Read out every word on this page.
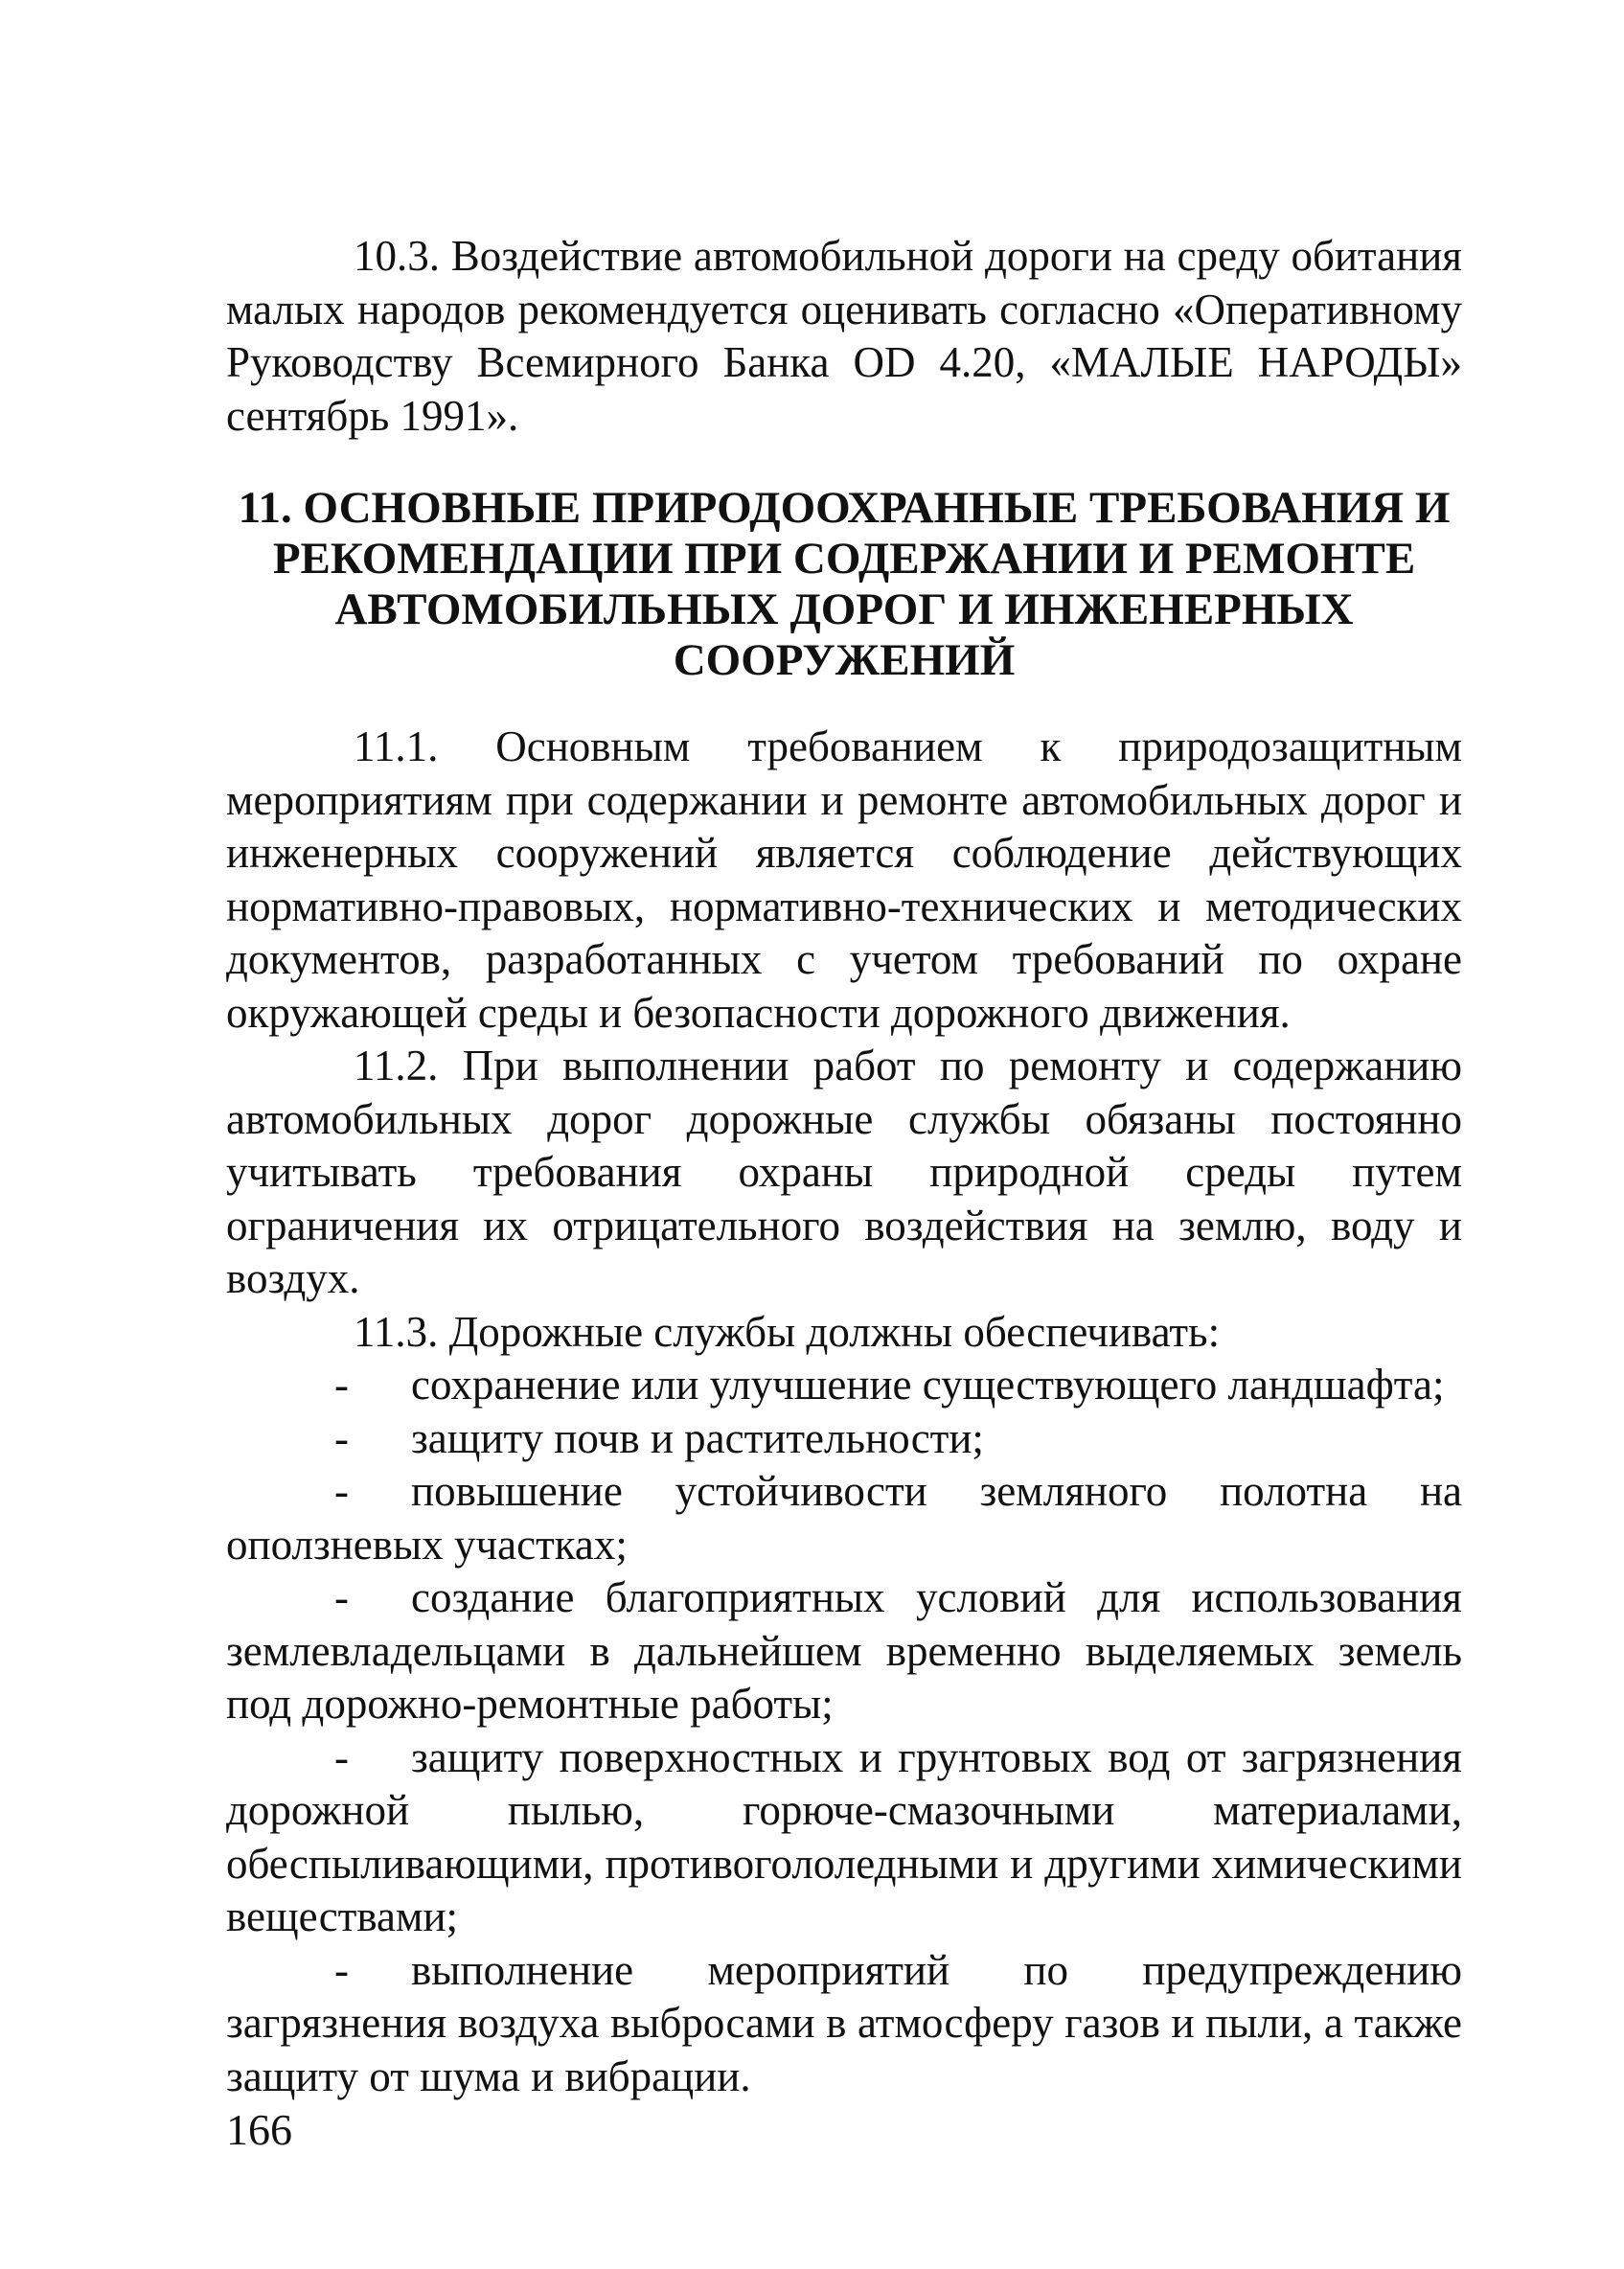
10.3. Воздействие автомобильной дороги на среду обитания малых народов рекомендуется оценивать согласно «Оперативному Руководству Всемирного Банка OD 4.20, «МАЛЫЕ НАРОДЫ» сентябрь 1991».

11. ОСНОВНЫЕ ПРИРОДООХРАННЫЕ ТРЕБОВАНИЯ И
РЕКОМЕНДАЦИИ ПРИ СОДЕРЖАНИИ И РЕМОНТЕ
АВТОМОБИЛЬНЫХ ДОРОГ И ИНЖЕНЕРНЫХ
СООРУЖЕНИЙ

11.1. Основным требованием к природозащитным мероприятиям при содержании и ремонте автомобильных дорог и инженерных сооружений является соблюдение действующих нормативно-правовых, нормативно-технических и методических документов, разработанных с учетом требований по охране окружающей среды и безопасности дорожного движения.

11.2. При выполнении работ по ремонту и содержанию автомобильных дорог дорожные службы обязаны постоянно учитывать требования охраны природной среды путем ограничения их отрицательного воздействия на землю, воду и воздух.

11.3. Дорожные службы должны обеспечивать:

- сохранение или улучшение существующего ландшафта;

- защиту почв и растительности;

- повышение устойчивости земляного полотна на оползневых участках;

- создание благоприятных условий для использования землевладельцами в дальнейшем временно выделяемых земель под дорожно-ремонтные работы;

- защиту поверхностных и грунтовых вод от загрязнения дорожной пылью, горюче-смазочными материалами, обеспыливающими, противогололедными и другими химическими веществами;

- выполнение мероприятий по предупреждению загрязнения воздуха выбросами в атмосферу газов и пыли, а также защиту от шума и вибрации.

166
